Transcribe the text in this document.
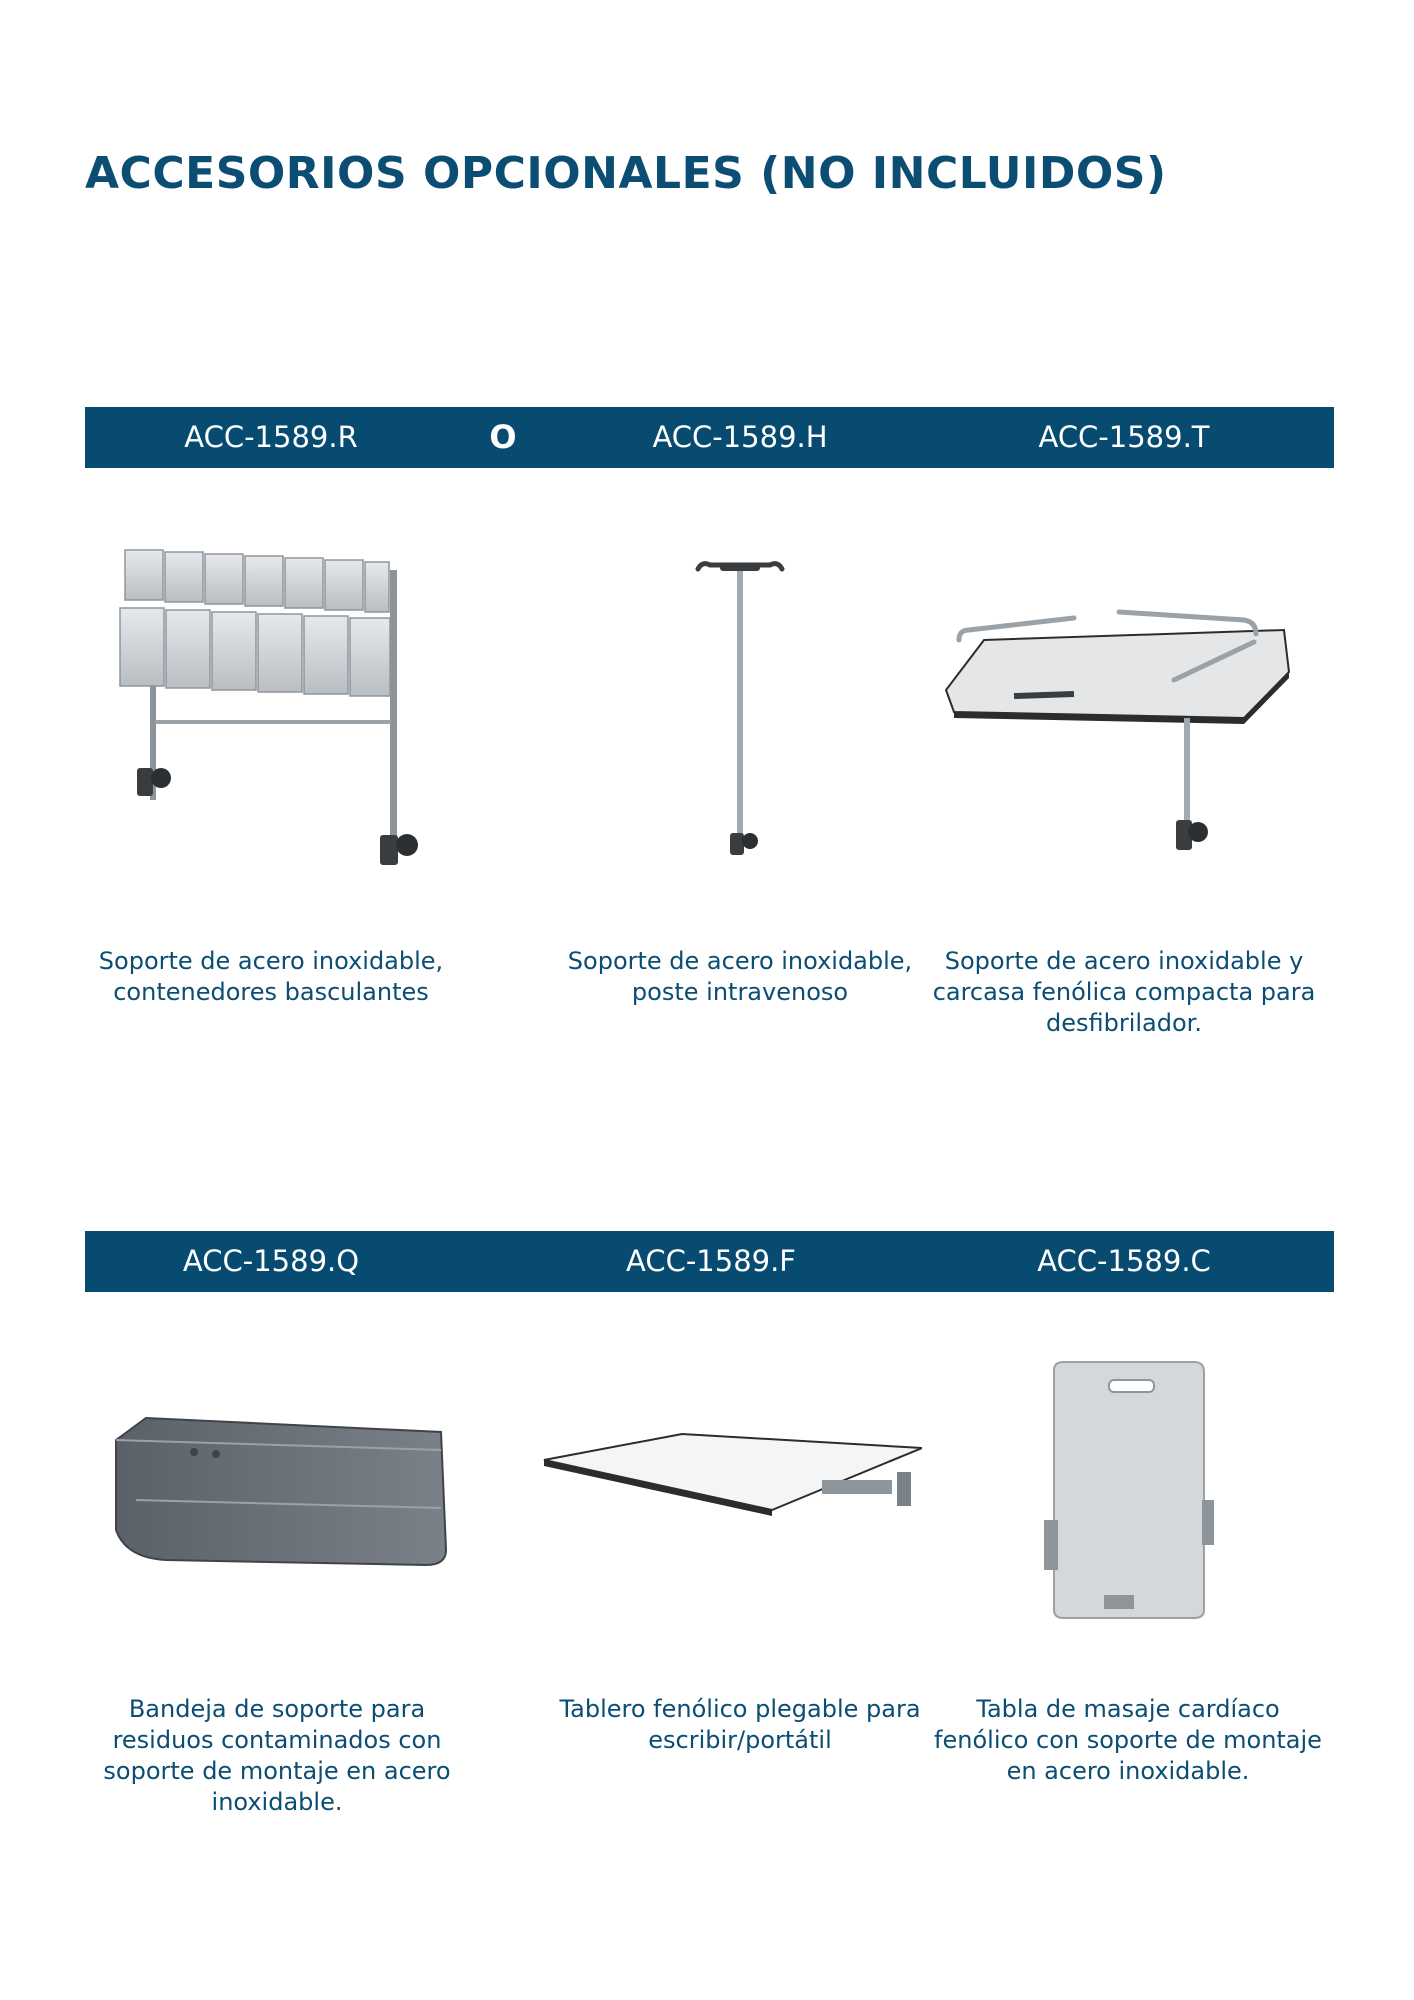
ACCESORIOS OPCIONALES (NO INCLUIDOS)
ACC-1589.R	O	ACC-1589.H	ACC-1589.T

Soporte de acero inoxidable, contenedores basculantes

Soporte de acero inoxidable, poste intravenoso

Soporte de acero inoxidable y carcasa fenólica compacta para desfibrilador.

ACC-1589.Q	ACC-1589.F	ACC-1589.C

Bandeja de soporte para residuos contaminados con soporte de montaje en acero inoxidable.

Tablero fenólico plegable para escribir/portátil

Tabla de masaje cardíaco fenólico con soporte de montaje en acero inoxidable.
